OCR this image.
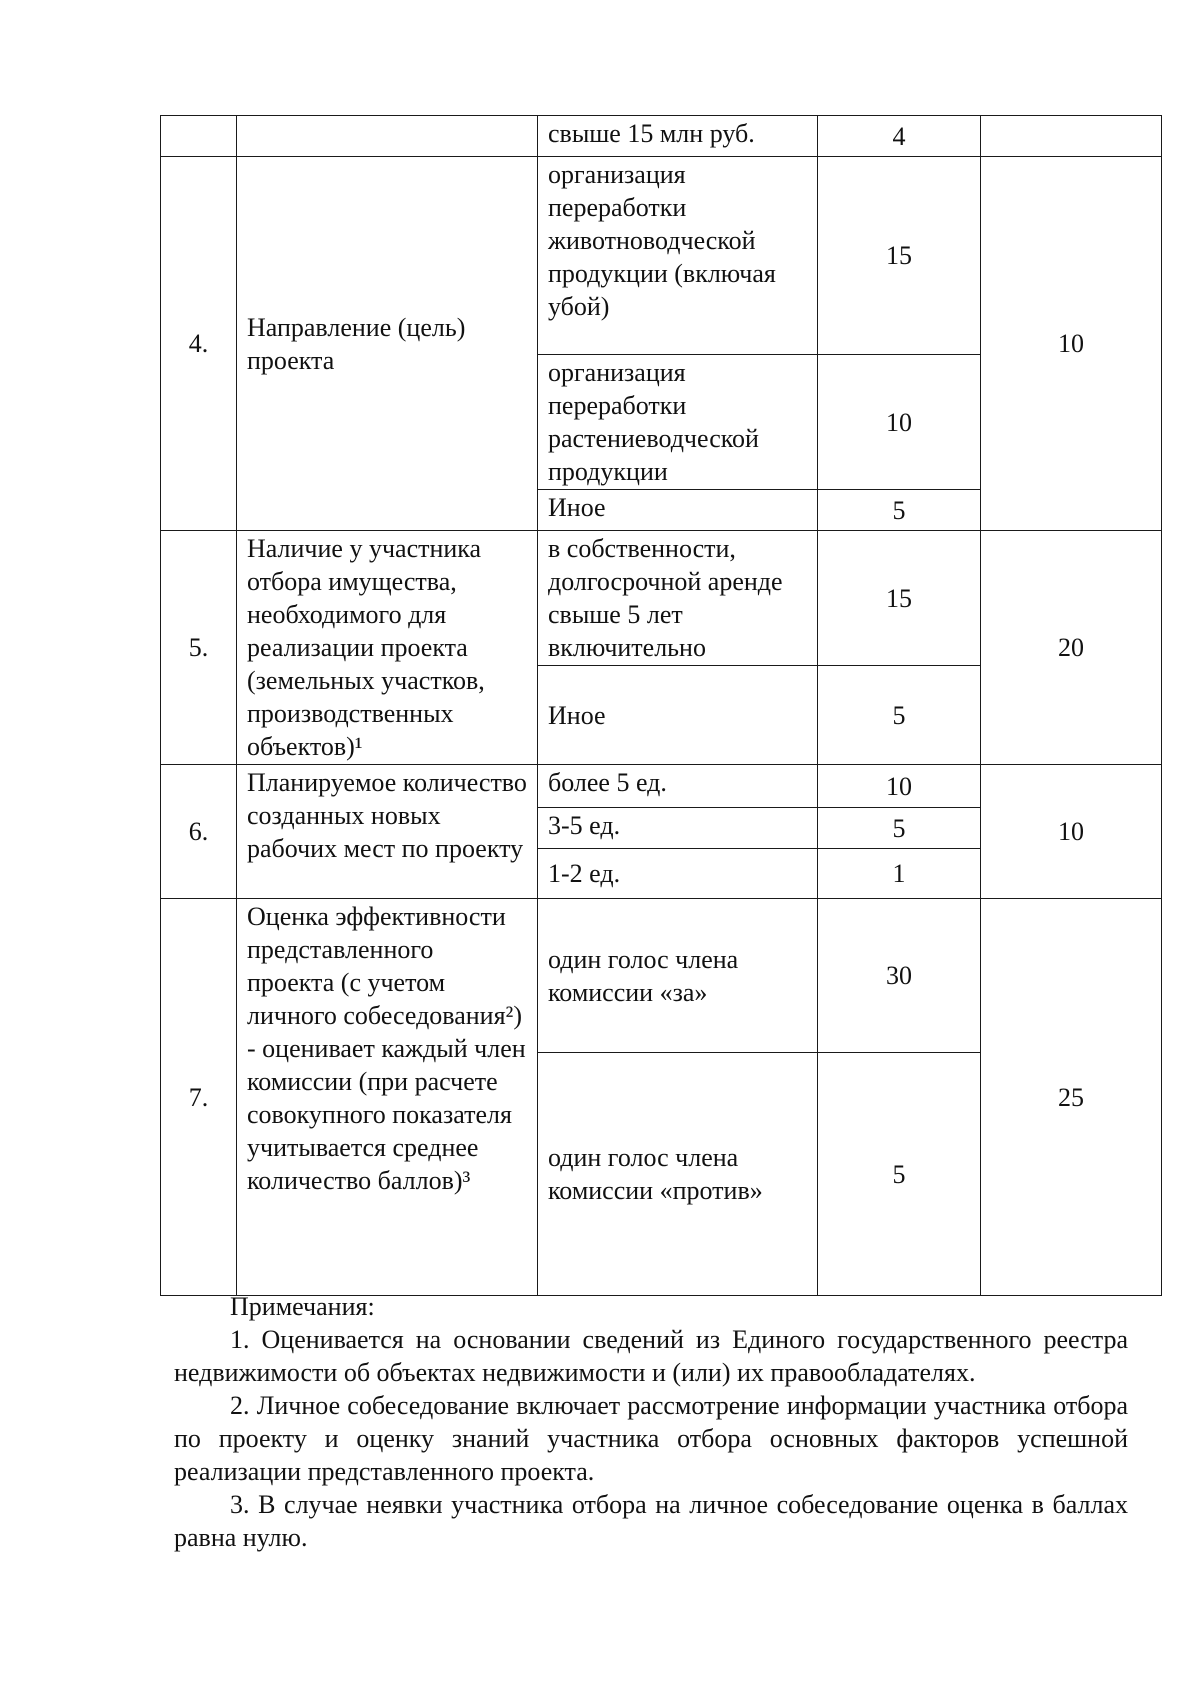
		свыше 15 млн руб.	4	
4.	Направление (цель) проекта	организация переработки животноводческой продукции (включая убой)	15	10
		организация переработки растениеводческой продукции	10	
		Иное	5	
5.	Наличие у участника отбора имущества, необходимого для реализации проекта (земельных участков, производственных объектов)¹	в собственности, долгосрочной аренде свыше 5 лет включительно	15	20
		Иное	5	
6.	Планируемое количество созданных новых рабочих мест по проекту	более 5 ед.	10	10
		3-5 ед.	5	
		1-2 ед.	1	
7.	Оценка эффективности представленного проекта (с учетом личного собеседования²) - оценивает каждый член комиссии (при расчете совокупного показателя учитывается среднее количество баллов)³	один голос члена комиссии «за»	30	25
		один голос члена комиссии «против»	5	
Примечания:

1. Оценивается на основании сведений из Единого государственного реестра недвижимости об объектах недвижимости и (или) их правообладателях.

2. Личное собеседование включает рассмотрение информации участника отбора по проекту и оценку знаний участника отбора основных факторов успешной реализации представленного проекта.

3. В случае неявки участника отбора на личное собеседование оценка в баллах равна нулю.
